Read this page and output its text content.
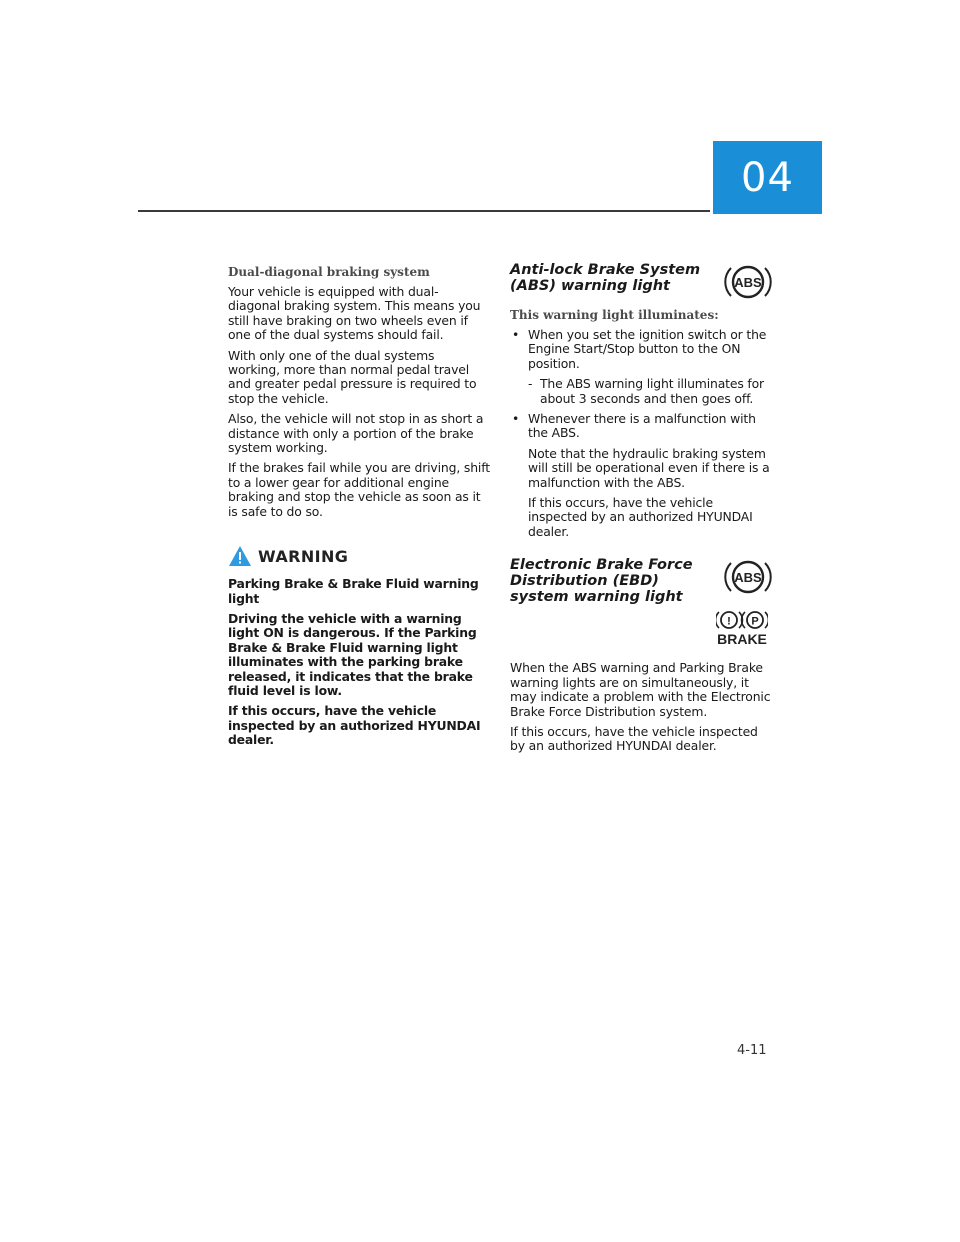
04
Dual-diagonal braking system

Your vehicle is equipped with dual-diagonal braking system. This means you still have braking on two wheels even if one of the dual systems should fail.

With only one of the dual systems working, more than normal pedal travel and greater pedal pressure is required to stop the vehicle.

Also, the vehicle will not stop in as short a distance with only a portion of the brake system working.

If the brakes fail while you are driving, shift to a lower gear for additional engine braking and stop the vehicle as soon as it is safe to do so.

WARNING

Parking Brake & Brake Fluid warning light

Driving the vehicle with a warning light ON is dangerous. If the Parking Brake & Brake Fluid warning light illuminates with the parking brake released, it indicates that the brake fluid level is low.

If this occurs, have the vehicle inspected by an authorized HYUNDAI dealer.

Anti-lock Brake System (ABS) warning light	ABS
This warning light illuminates:
• When you set the ignition switch or the Engine Start/Stop button to the ON position.
- The ABS warning light illuminates for about 3 seconds and then goes off.
• Whenever there is a malfunction with the ABS.

Note that the hydraulic braking system will still be operational even if there is a malfunction with the ABS.

If this occurs, have the vehicle inspected by an authorized HYUNDAI dealer.

Electronic Brake Force Distribution (EBD) system warning light
ABS
! P
BRAKE

When the ABS warning and Parking Brake warning lights are on simultaneously, it may indicate a problem with the Electronic Brake Force Distribution system.

If this occurs, have the vehicle inspected by an authorized HYUNDAI dealer.

4-11
